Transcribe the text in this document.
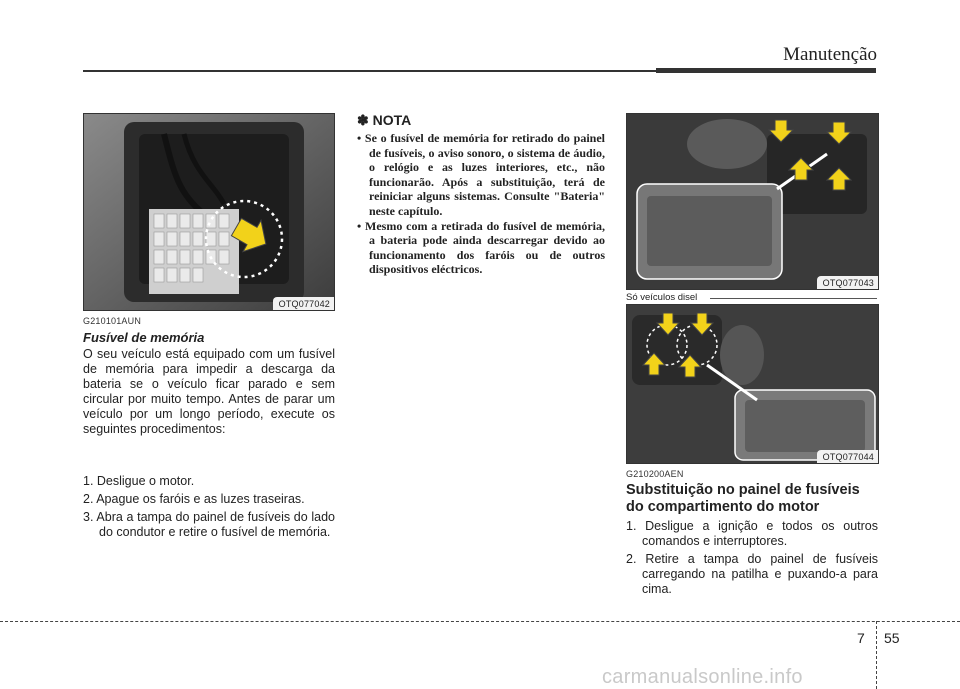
Manutenção
OTQ077042
G210101AUN
Fusível de memória
O seu veículo está equipado com um fusível de memória para impedir a descarga da bateria se o veículo ficar parado e sem circular por muito tempo. Antes de parar um veículo por um longo período, execute os seguintes procedimentos:
1. Desligue o motor.
2. Apague os faróis e as luzes traseiras.
3. Abra a tampa do painel de fusíveis do lado do condutor e retire o fusível de memória.
✽ NOTA
• Se o fusível de memória for retirado do painel de fusíveis, o aviso sonoro, o sistema de áudio, o relógio e as luzes interiores, etc., não funcionarão. Após a substituição, terá de reiniciar alguns sistemas. Consulte "Bateria" neste capítulo.
• Mesmo com a retirada do fusível de memória, a bateria pode ainda descarregar devido ao funcionamento dos faróis ou de outros dispositivos eléctricos.
OTQ077043
Só veículos disel
OTQ077044
G210200AEN
Substituição no painel de fusíveis do compartimento do motor
1. Desligue a ignição e todos os outros comandos e interruptores.
2. Retire a tampa do painel de fusíveis carregando na patilha e puxando-a para cima.
7 55
carmanualsonline.info
